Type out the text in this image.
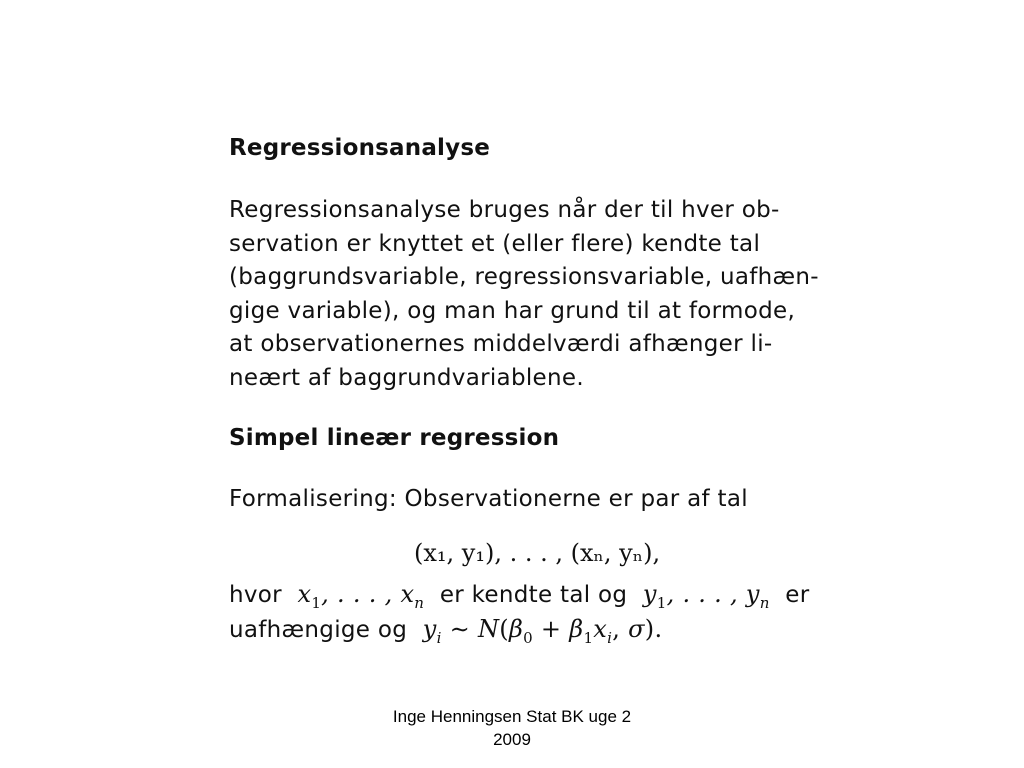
Regressionsanalyse

Regressionsanalyse bruges når der til hver ob-
servation er knyttet et (eller flere) kendte tal
(baggrundsvariable, regressionsvariable, uafhæn-
gige variable), og man har grund til at formode,
at observationernes middelværdi afhænger li-
neært af baggrundvariablene.

Simpel lineær regression

Formalisering: Observationerne er par af tal

(x₁, y₁), . . . , (xₙ, yₙ),

hvor  $x_1$, . . . , $x_n$ er kendte tal og  $y_1$, . . . , $y_n$ er
uafhængige og  $y_i$ ∼ $N(\beta_0 + \beta_1x_i$, σ).

Inge Henningsen Stat BK uge 2
2009
